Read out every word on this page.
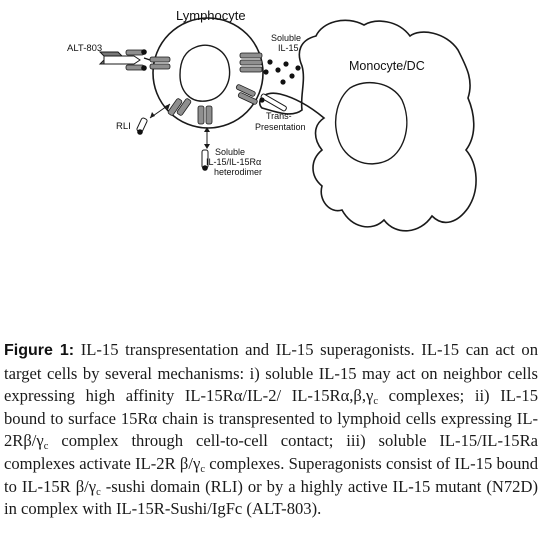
Lymphocyte
Monocyte/DC
ALT-803
Soluble
IL-15
RLI
Trans-
Presentation
Soluble
IL-15/IL-15Rα
heterodimer

Figure 1: IL-15 transpresentation and IL-15 superagonists. IL-15 can act on target cells by several mechanisms: i) soluble IL-15 may act on neighbor cells expressing high affinity IL-15Rα/IL-2/ $IL-15R\alpha,\beta,\gamma_c$ complexes; ii) IL-15 bound to surface 15Rα chain is transpresented to lymphoid cells expressing $IL-2R\beta/\gamma_c$ complex through cell-to-cell contact; iii) soluble IL-15/IL-15Ra complexes activate IL-2R $\beta/\gamma_c$ complexes. Superagonists consist of IL-15 bound to IL-15R $\beta/\gamma_c$ -sushi domain (RLI) or by a highly active IL-15 mutant (N72D) in complex with IL-15R-Sushi/IgFc (ALT-803).
